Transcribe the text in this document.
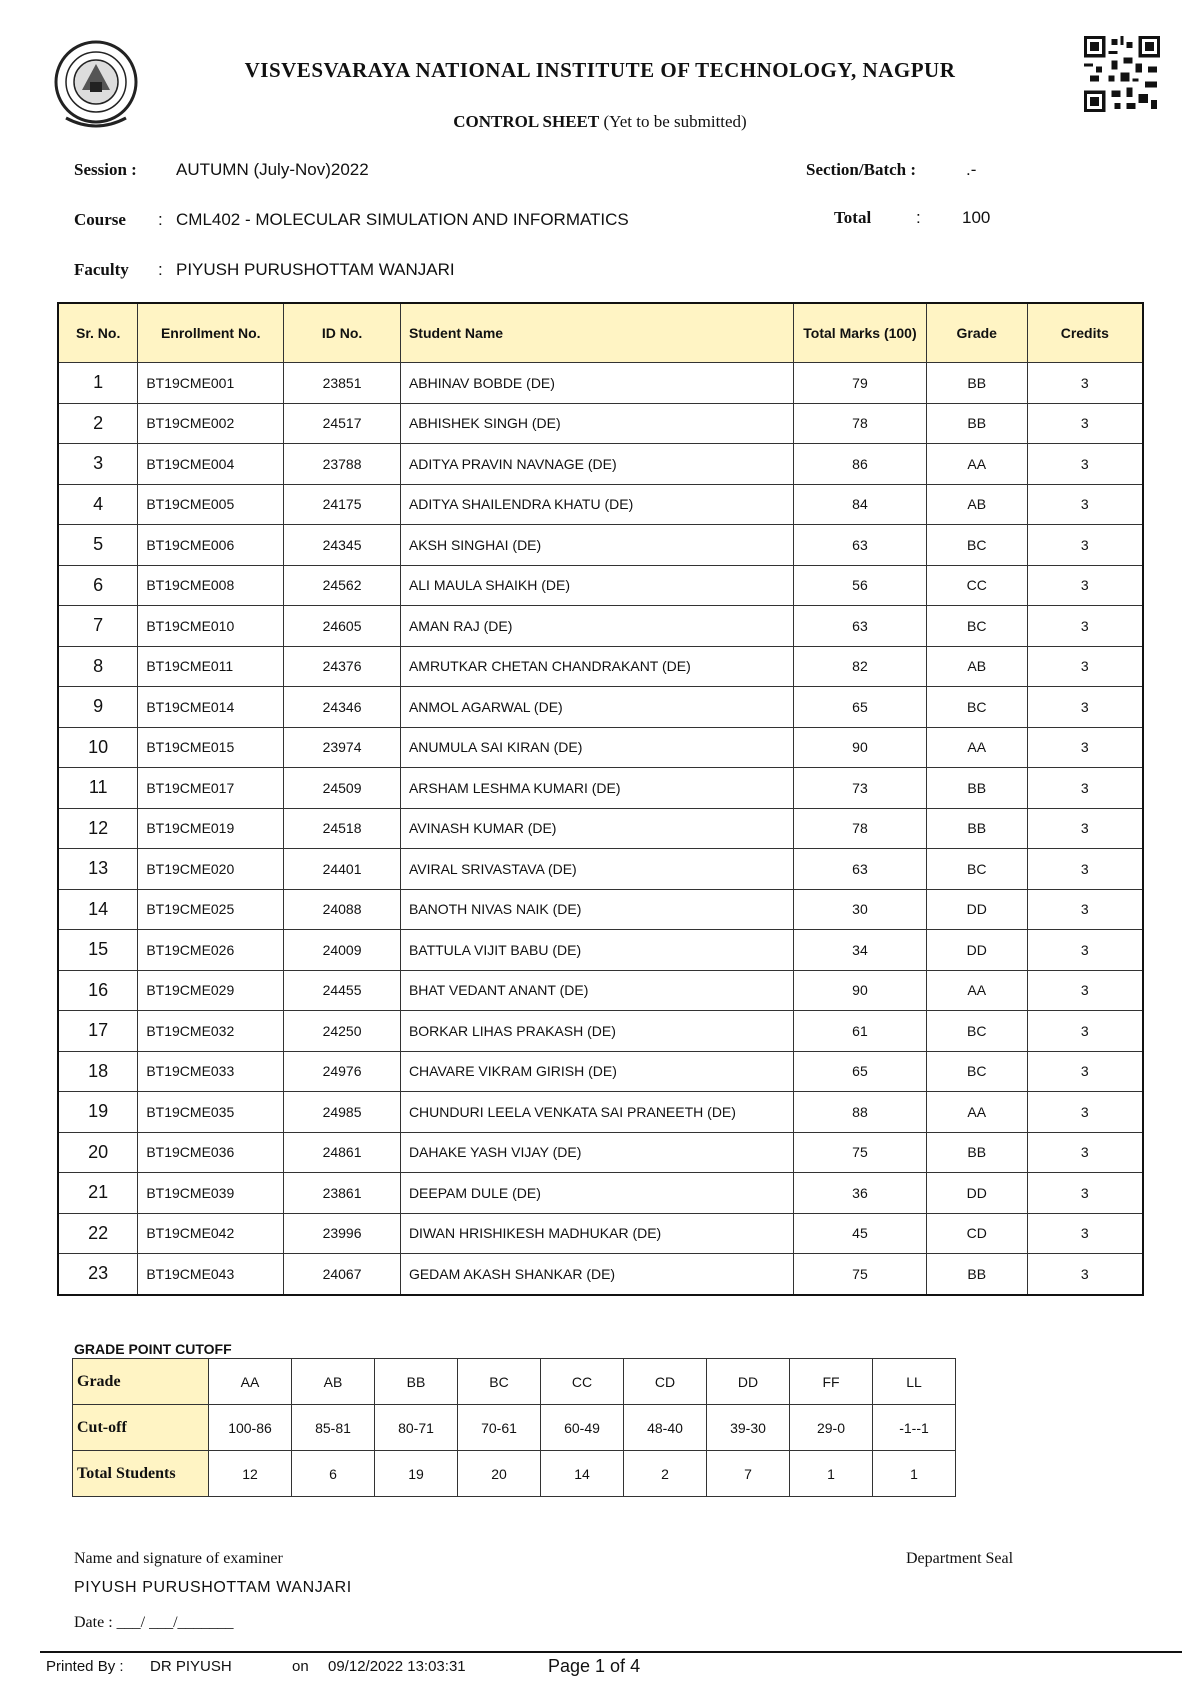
VISVESVARAYA NATIONAL INSTITUTE OF TECHNOLOGY, NAGPUR
CONTROL SHEET (Yet to be submitted)
Session : AUTUMN (July-Nov)2022	Section/Batch :	.-
Course : CML402 - MOLECULAR SIMULATION AND INFORMATICS	Total	: 100
Faculty : PIYUSH PURUSHOTTAM WANJARI
Sr. No.	Enrollment No.	ID No.	Student Name	Total Marks (100)	Grade	Credits
1	BT19CME001	23851	ABHINAV BOBDE (DE)	79	BB	3
2	BT19CME002	24517	ABHISHEK SINGH (DE)	78	BB	3
3	BT19CME004	23788	ADITYA PRAVIN NAVNAGE (DE)	86	AA	3
4	BT19CME005	24175	ADITYA SHAILENDRA KHATU (DE)	84	AB	3
5	BT19CME006	24345	AKSH SINGHAI (DE)	63	BC	3
6	BT19CME008	24562	ALI MAULA SHAIKH (DE)	56	CC	3
7	BT19CME010	24605	AMAN RAJ (DE)	63	BC	3
8	BT19CME011	24376	AMRUTKAR CHETAN CHANDRAKANT (DE)	82	AB	3
9	BT19CME014	24346	ANMOL AGARWAL (DE)	65	BC	3
10	BT19CME015	23974	ANUMULA SAI KIRAN (DE)	90	AA	3
11	BT19CME017	24509	ARSHAM LESHMA KUMARI (DE)	73	BB	3
12	BT19CME019	24518	AVINASH KUMAR (DE)	78	BB	3
13	BT19CME020	24401	AVIRAL SRIVASTAVA (DE)	63	BC	3
14	BT19CME025	24088	BANOTH NIVAS NAIK (DE)	30	DD	3
15	BT19CME026	24009	BATTULA VIJIT BABU (DE)	34	DD	3
16	BT19CME029	24455	BHAT VEDANT ANANT (DE)	90	AA	3
17	BT19CME032	24250	BORKAR LIHAS PRAKASH (DE)	61	BC	3
18	BT19CME033	24976	CHAVARE VIKRAM GIRISH (DE)	65	BC	3
19	BT19CME035	24985	CHUNDURI LEELA VENKATA SAI PRANEETH (DE)	88	AA	3
20	BT19CME036	24861	DAHAKE YASH VIJAY (DE)	75	BB	3
21	BT19CME039	23861	DEEPAM DULE (DE)	36	DD	3
22	BT19CME042	23996	DIWAN HRISHIKESH MADHUKAR (DE)	45	CD	3
23	BT19CME043	24067	GEDAM AKASH SHANKAR (DE)	75	BB	3
GRADE POINT CUTOFF
Grade	AA	AB	BB	BC	CC	CD	DD	FF	LL
Cut-off	100-86	85-81	80-71	70-61	60-49	48-40	39-30	29-0	-1--1
Total Students	12	6	19	20	14	2	7	1	1
Name and signature of examiner	Department Seal
PIYUSH PURUSHOTTAM WANJARI
Date : ___/ ___/_______
Printed By : DR PIYUSH	on 09/12/2022 13:03:31	Page 1 of 4
